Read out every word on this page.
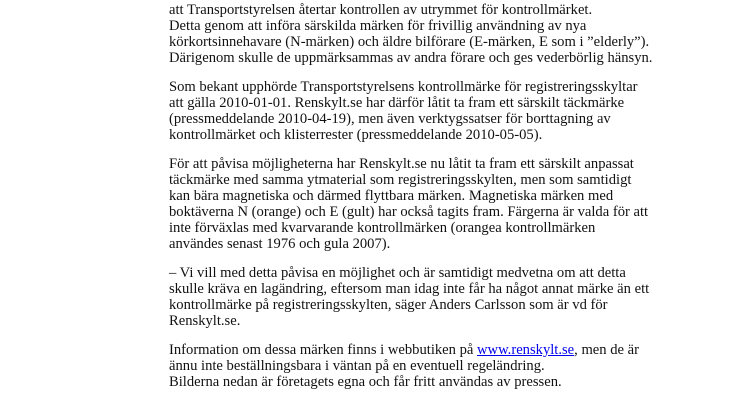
att Transportstyrelsen återtar kontrollen av utrymmet för kontrollmärket.
Detta genom att införa särskilda märken för frivillig användning av nya
körkortsinnehavare (N-märken) och äldre bilförare (E-märken, E som i ”elderly”).
Därigenom skulle de uppmärksammas av andra förare och ges vederbörlig hänsyn.
Som bekant upphörde Transportstyrelsens kontrollmärke för registreringsskyltar
att gälla 2010-01-01. Renskylt.se har därför låtit ta fram ett särskilt täckmärke
(pressmeddelande 2010-04-19), men även verktygssatser för borttagning av
kontrollmärket och klisterrester (pressmeddelande 2010-05-05).
För att påvisa möjligheterna har Renskylt.se nu låtit ta fram ett särskilt anpassat
täckmärke med samma ytmaterial som registreringsskylten, men som samtidigt
kan bära magnetiska och därmed flyttbara märken. Magnetiska märken med
boktäverna N (orange) och E (gult) har också tagits fram. Färgerna är valda för att
inte förväxlas med kvarvarande kontrollmärken (orangea kontrollmärken
användes senast 1976 och gula 2007).
– Vi vill med detta påvisa en möjlighet och är samtidigt medvetna om att detta
skulle kräva en lagändring, eftersom man idag inte får ha något annat märke än ett
kontrollmärke på registreringsskylten, säger Anders Carlsson som är vd för
Renskylt.se.
Information om dessa märken finns i webbutiken på www.renskylt.se, men de är
ännu inte beställningsbara i väntan på en eventuell regeländring.
Bilderna nedan är företagets egna och får fritt användas av pressen.
